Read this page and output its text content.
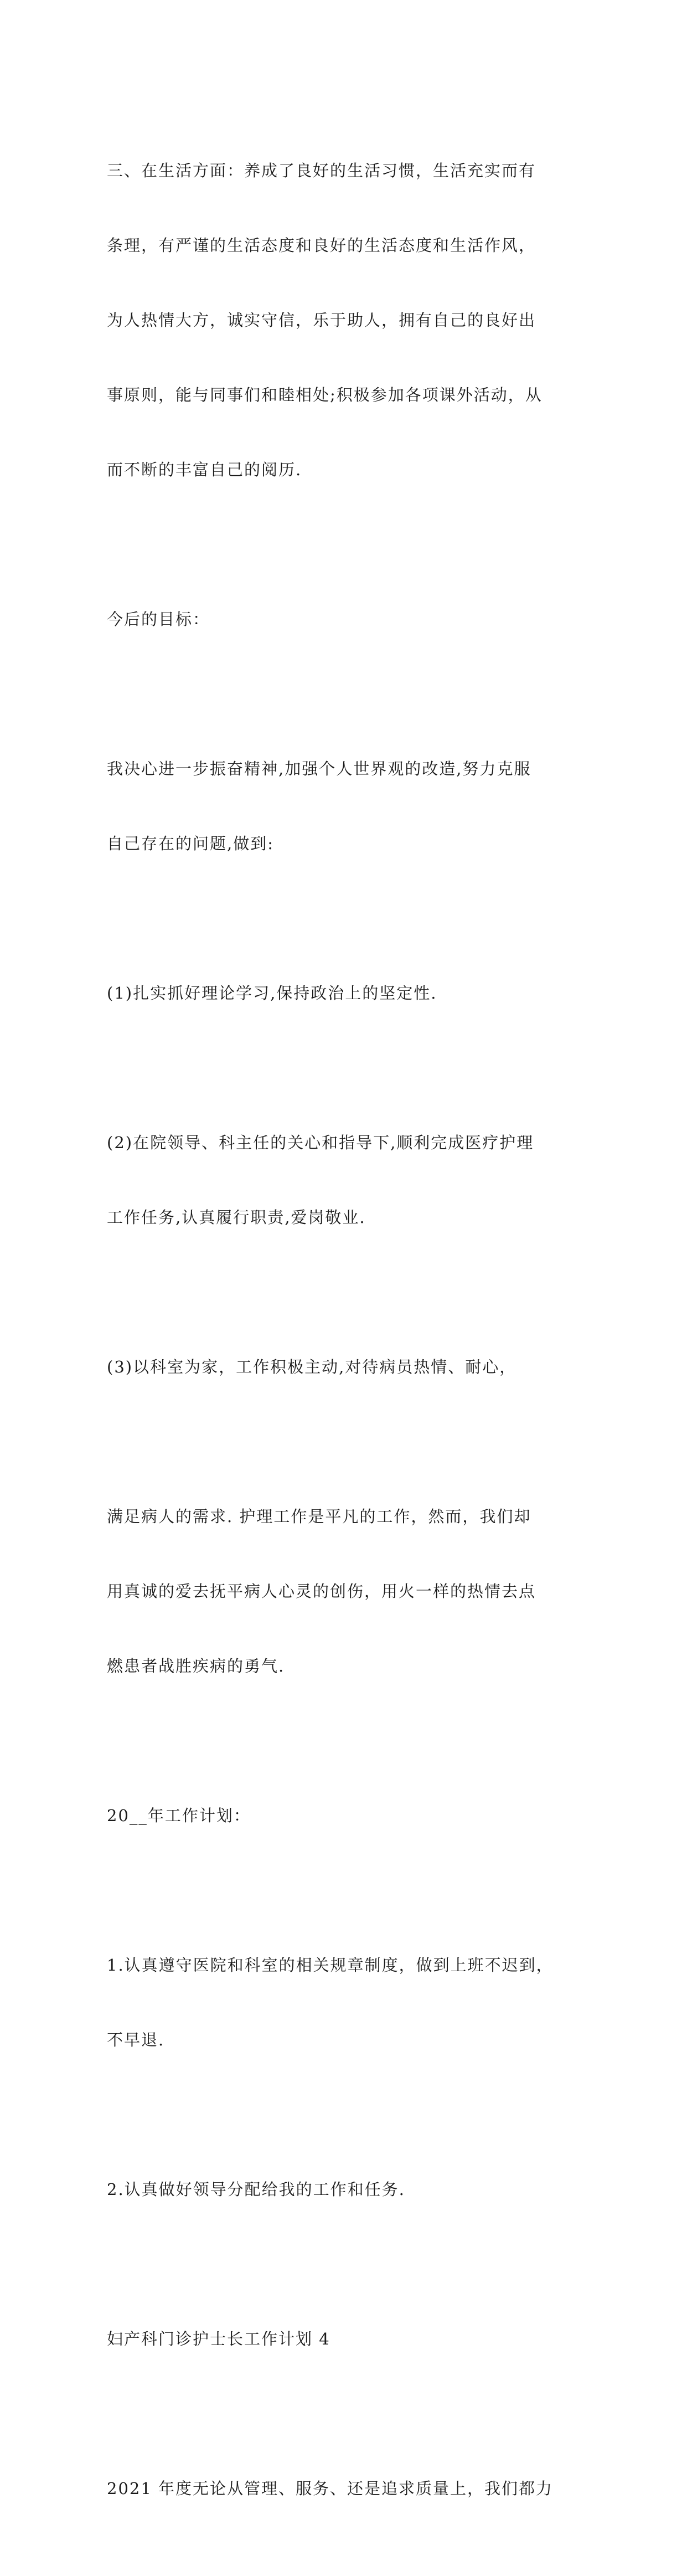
三、在生活方面：养成了良好的生活习惯，生活充实而有

条理，有严谨的生活态度和良好的生活态度和生活作风，

为人热情大方，诚实守信，乐于助人，拥有自己的良好出

事原则，能与同事们和睦相处;积极参加各项课外活动，从

而不断的丰富自己的阅历.

今后的目标：

我决心进一步振奋精神,加强个人世界观的改造,努力克服

自己存在的问题,做到:

(1)扎实抓好理论学习,保持政治上的坚定性.

(2)在院领导、科主任的关心和指导下,顺利完成医疗护理

工作任务,认真履行职责,爱岗敬业.

(3)以科室为家，工作积极主动,对待病员热情、耐心，

满足病人的需求. 护理工作是平凡的工作，然而，我们却

用真诚的爱去抚平病人心灵的创伤，用火一样的热情去点

燃患者战胜疾病的勇气.

20__年工作计划：

1.认真遵守医院和科室的相关规章制度，做到上班不迟到，

不早退.

2.认真做好领导分配给我的工作和任务.

妇产科门诊护士长工作计划 4

2021 年度无论从管理、服务、还是追求质量上，我们都力
